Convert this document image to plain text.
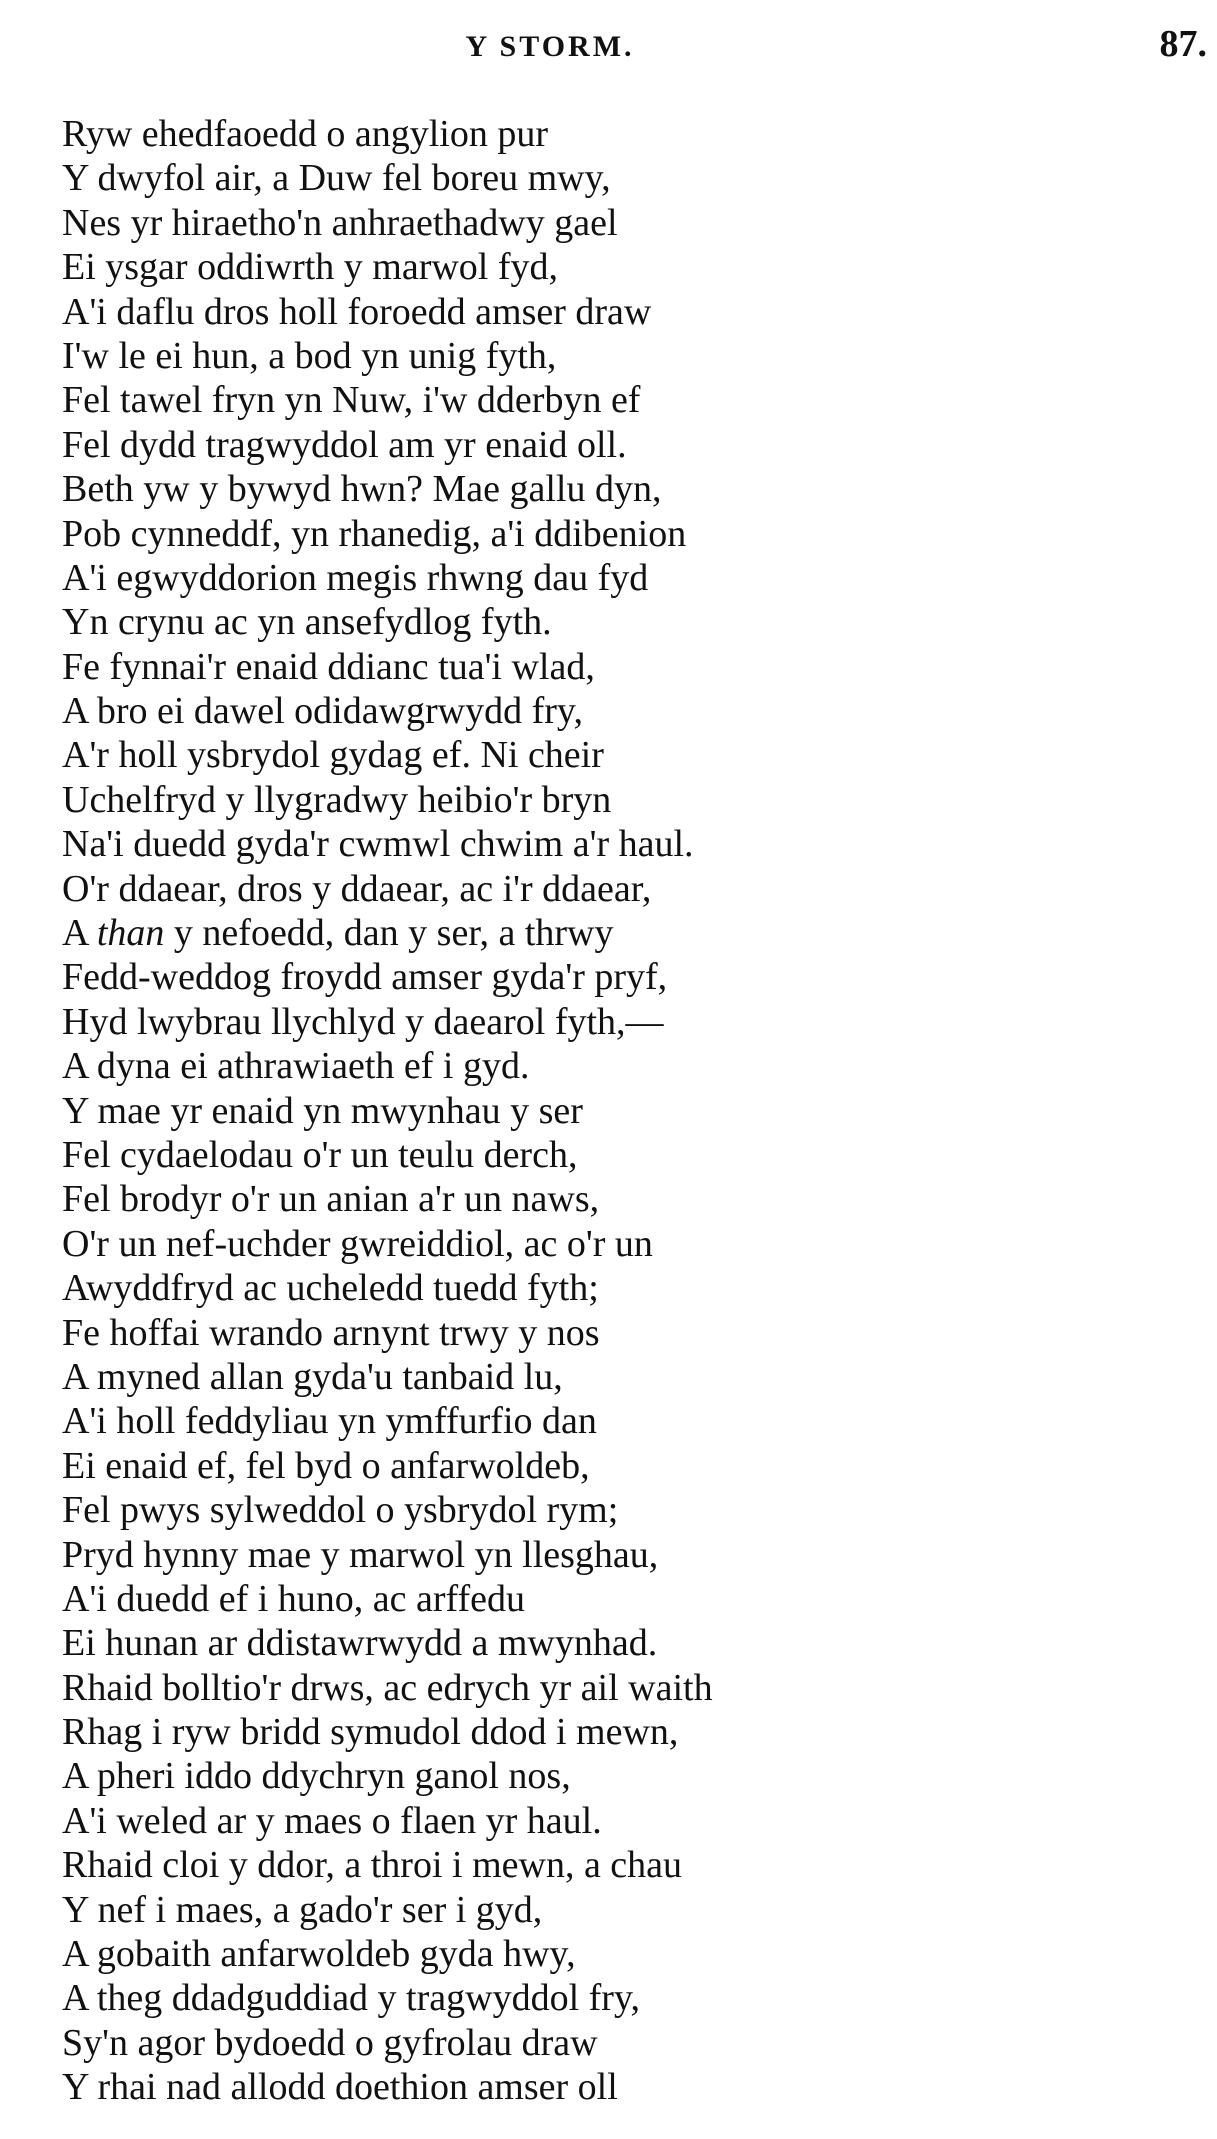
Y STORM.	87.
Ryw ehedfaoedd o angylion pur
Y dwyfol air, a Duw fel boreu mwy,
Nes yr hiraetho'n anhraethadwy gael
Ei ysgar oddiwrth y marwol fyd,
A'i daflu dros holl foroedd amser draw
I'w le ei hun, a bod yn unig fyth,
Fel tawel fryn yn Nuw, i'w dderbyn ef
Fel dydd tragwyddol am yr enaid oll.
Beth yw y bywyd hwn? Mae gallu dyn,
Pob cynneddf, yn rhanedig, a'i ddibenion
A'i egwyddorion megis rhwng dau fyd
Yn crynu ac yn ansefydlog fyth.
Fe fynnai'r enaid ddianc tua'i wlad,
A bro ei dawel odidawgrwydd fry,
A'r holl ysbrydol gydag ef. Ni cheir
Uchelfryd y llygradwy heibio'r bryn
Na'i duedd gyda'r cwmwl chwim a'r haul.
O'r ddaear, dros y ddaear, ac i'r ddaear,
A than y nefoedd, dan y ser, a thrwy
Fedd-weddog froydd amser gyda'r pryf,
Hyd lwybrau llychlyd y daearol fyth,—
A dyna ei athrawiaeth ef i gyd.
Y mae yr enaid yn mwynhau y ser
Fel cydaelodau o'r un teulu derch,
Fel brodyr o'r un anian a'r un naws,
O'r un nef-uchder gwreiddiol, ac o'r un
Awyddfryd ac ucheledd tuedd fyth;
Fe hoffai wrando arnynt trwy y nos
A myned allan gyda'u tanbaid lu,
A'i holl feddyliau yn ymffurfio dan
Ei enaid ef, fel byd o anfarwoldeb,
Fel pwys sylweddol o ysbrydol rym;
Pryd hynny mae y marwol yn llesghau,
A'i duedd ef i huno, ac arffedu
Ei hunan ar ddistawrwydd a mwynhad.
Rhaid bolltio'r drws, ac edrych yr ail waith
Rhag i ryw bridd symudol ddod i mewn,
A pheri iddo ddychryn ganol nos,
A'i weled ar y maes o flaen yr haul.
Rhaid cloi y ddor, a throi i mewn, a chau
Y nef i maes, a gado'r ser i gyd,
A gobaith anfarwoldeb gyda hwy,
A theg ddadguddiad y tragwyddol fry,
Sy'n agor bydoedd o gyfrolau draw
Y rhai nad allodd doethion amser oll
